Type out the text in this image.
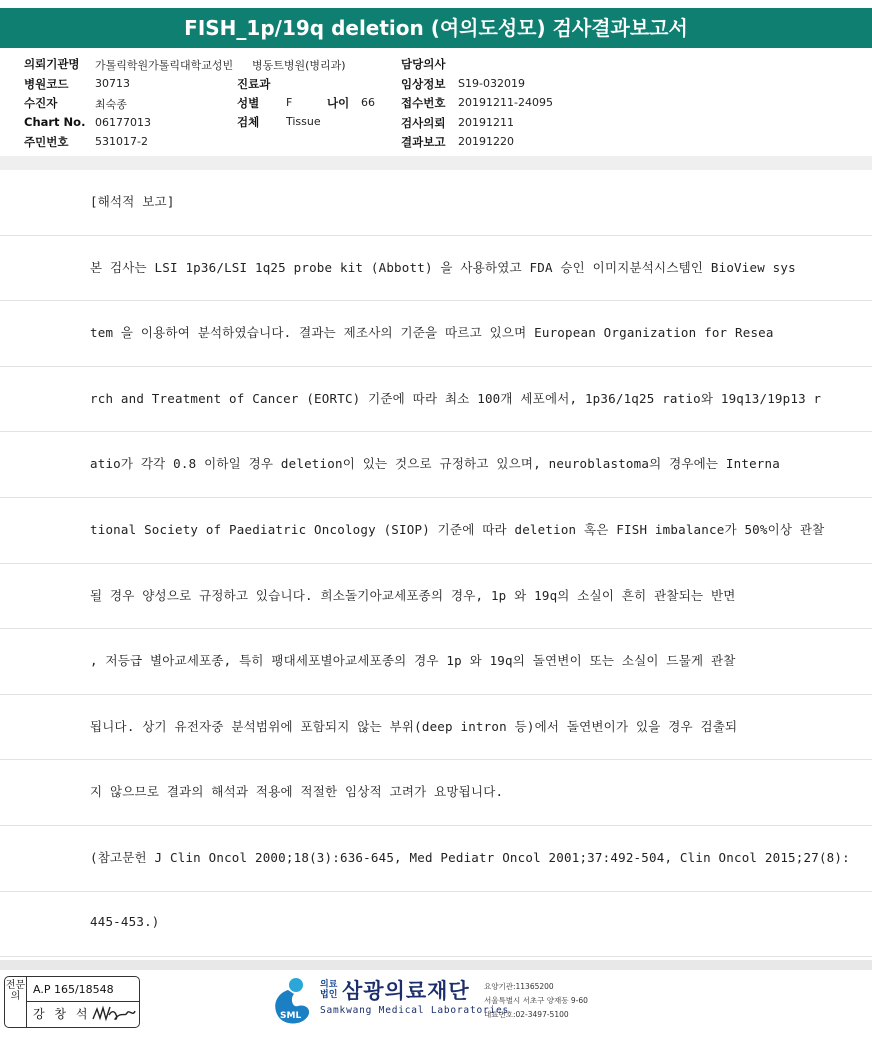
FISH_1p/19q deletion (여의도성모) 검사결과보고서
의뢰기관명 가톨릭학원가톨릭대학교성빈 병동트병원(병리과)
병원코드 30713
수진자	최숙종
Chart No. 06177013
주민번호 531017-2
진료과
성별 F	나이 66
검체 Tissue
담당의사
임상정보 S19-032019
접수번호 20191211-24095
검사의뢰 20191211
결과보고 20191220
[해석적 보고]
본 검사는 LSI 1p36/LSI 1q25 probe kit (Abbott) 을 사용하였고 FDA 승인 이미지분석시스템인 BioView sys
tem 을 이용하여 분석하였습니다. 결과는 제조사의 기준을 따르고 있으며 European Organization for Resea
rch and Treatment of Cancer (EORTC) 기준에 따라 최소 100개 세포에서, 1p36/1q25 ratio와 19q13/19p13 r
atio가 각각 0.8 이하일 경우 deletion이 있는 것으로 규정하고 있으며, neuroblastoma의 경우에는 Interna
tional Society of Paediatric Oncology (SIOP) 기준에 따라 deletion 혹은 FISH imbalance가 50%이상 관찰
될 경우 양성으로 규정하고 있습니다. 희소돌기아교세포종의 경우, 1p 와 19q의 소실이 흔히 관찰되는 반면
, 저등급 별아교세포종, 특히 팽대세포별아교세포종의 경우 1p 와 19q의 돌연변이 또는 소실이 드물게 관찰
됩니다. 상기 유전자중 분석범위에 포함되지 않는 부위(deep intron 등)에서 돌연변이가 있을 경우 검출되
지 않으므로 결과의 해석과 적용에 적절한 임상적 고려가 요망됩니다.
(참고문헌 J Clin Oncol 2000;18(3):636-645, Med Pediatr Oncol 2001;37:492-504, Clin Oncol 2015;27(8):
445-453.)
전문의
A.P 165/18548
강 창 석	SML
의료
법인 삼광의료재단
Samkwang Medical Laboratories
요양기관:11365200
서울특별시 서초구 양재동 9-60
대표번호:02-3497-5100
